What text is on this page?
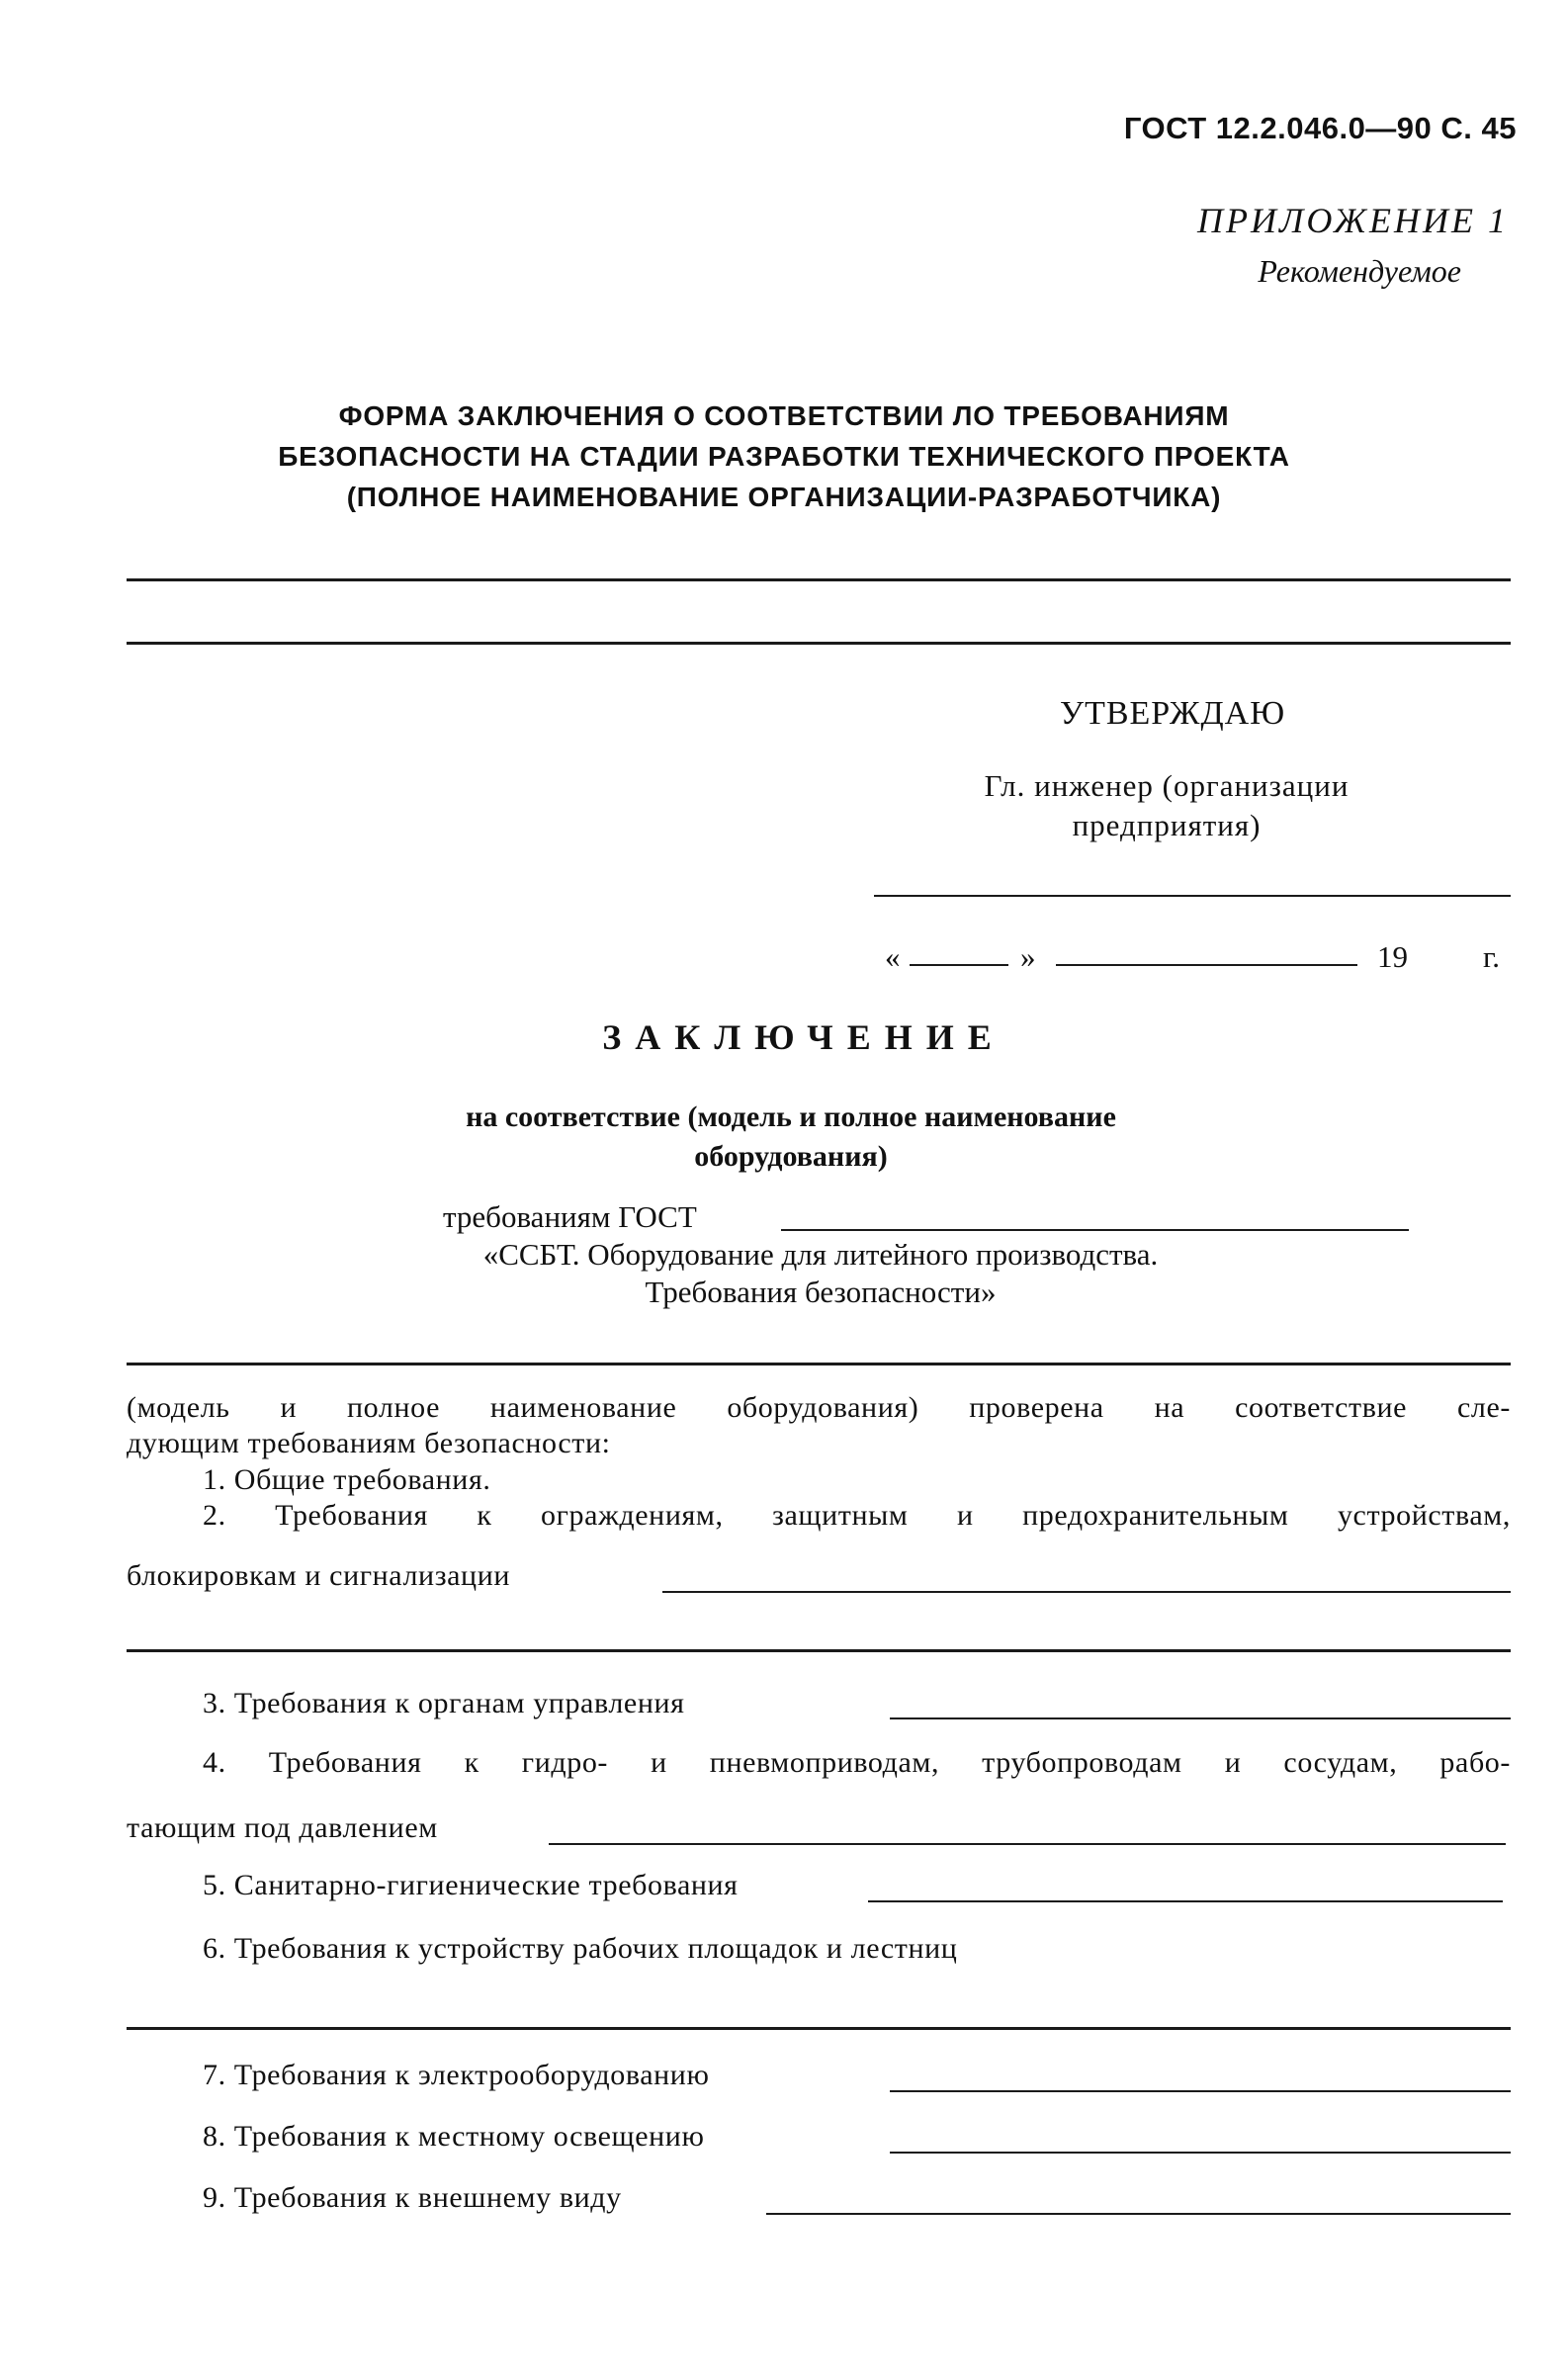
ГОСТ 12.2.046.0—90 С. 45
ПРИЛОЖЕНИЕ 1
Рекомендуемое
ФОРМА ЗАКЛЮЧЕНИЯ О СООТВЕТСТВИИ ЛО ТРЕБОВАНИЯМ
БЕЗОПАСНОСТИ НА СТАДИИ РАЗРАБОТКИ ТЕХНИЧЕСКОГО ПРОЕКТА
(ПОЛНОЕ НАИМЕНОВАНИЕ ОРГАНИЗАЦИИ-РАЗРАБОТЧИКА)
УТВЕРЖДАЮ
Гл. инженер (организации
предприятия)
«	»	19 г.
ЗАКЛЮЧЕНИЕ
на соответствие (модель и полное наименование
оборудования)
требованиям ГОСТ
«ССБТ. Оборудование для литейного производства.
Требования безопасности»
(модель и полное наименование оборудования) проверена на соответствие сле-
дующим требованиям безопасности:
1. Общие требования.
2. Требования к ограждениям, защитным и предохранительным устройствам,
блокировкам и сигнализации
3. Требования к органам управления
4. Требования к гидро- и пневмоприводам, трубопроводам и сосудам, рабо-
тающим под давлением
5. Санитарно-гигиенические требования
6. Требования к устройству рабочих площадок и лестниц
7. Требования к электрооборудованию
8. Требования к местному освещению
9. Требования к внешнему виду
